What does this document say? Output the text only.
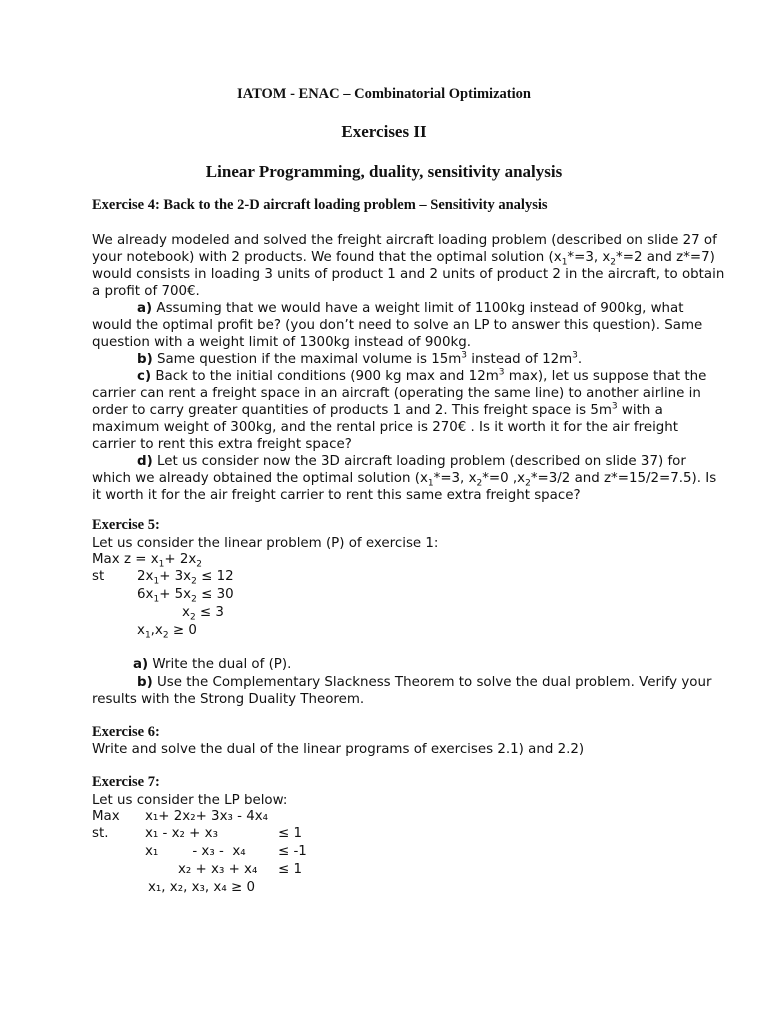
IATOM - ENAC – Combinatorial Optimization
Exercises II
Linear Programming, duality, sensitivity analysis
Exercise 4: Back to the 2-D aircraft loading problem – Sensitivity analysis
We already modeled and solved the freight aircraft loading problem (described on slide 27 of
your notebook) with 2 products. We found that the optimal solution ($x_1*=3$, $x_2*=2$ and z*=7)
would consists in loading 3 units of product 1 and 2 units of product 2 in the aircraft, to obtain
a profit of 700€.
a) Assuming that we would have a weight limit of 1100kg instead of 900kg, what
would the optimal profit be? (you don’t need to solve an LP to answer this question). Same
question with a weight limit of 1300kg instead of 900kg.
b) Same question if the maximal volume is $15m^3$ instead of $12m^3$.
c) Back to the initial conditions (900 kg max and $12m^3$ max), let us suppose that the
carrier can rent a freight space in an aircraft (operating the same line) to another airline in
order to carry greater quantities of products 1 and 2. This freight space is $5m^3$ with a
maximum weight of 300kg, and the rental price is 270€ . Is it worth it for the air freight
carrier to rent this extra freight space?
d) Let us consider now the 3D aircraft loading problem (described on slide 37) for
which we already obtained the optimal solution ($x_1*=3$, $x_2*=0$ $,x_2*=3/2$ and z*=15/2=7.5). Is
it worth it for the air freight carrier to rent this same extra freight space?
Exercise 5:
Let us consider the linear problem (P) of exercise 1:
Max $z = x_1+ 2x_2$
st $2x_1+ 3x_2 \le 12$
$6x_1+ 5x_2 \le 30$
$x_2 \le 3$
$x_1,x_2 \ge 0$
a) Write the dual of (P).
b) Use the Complementary Slackness Theorem to solve the dual problem. Verify your
results with the Strong Duality Theorem.
Exercise 6:
Write and solve the dual of the linear programs of exercises 2.1) and 2.2)
Exercise 7:
Let us consider the LP below:
Max x₁+ 2x₂+ 3x₃ - 4x₄
st.	x₁ - x₂ + x₃	≤ 1
x₁        - x₃ -  x₄ ≤ -1
x₂ + x₃ + x₄ ≤ 1
x₁, x₂, x₃, x₄ ≥ 0
